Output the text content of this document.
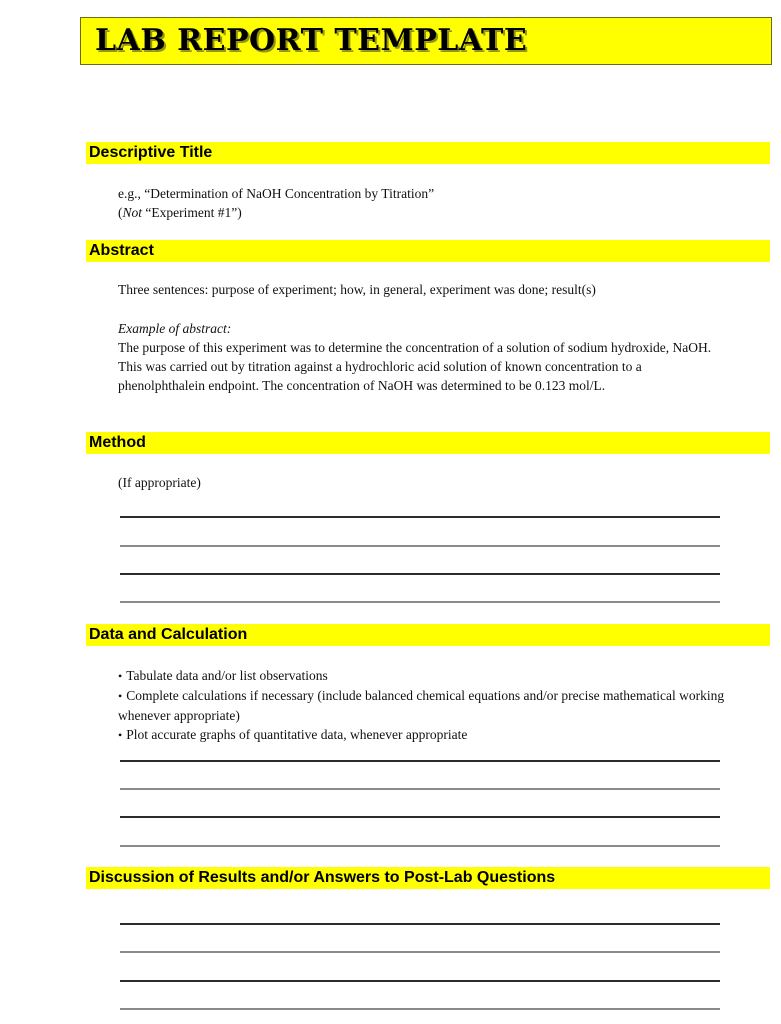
LAB REPORT TEMPLATE
Descriptive Title

e.g., “Determination of NaOH Concentration by Titration”

(Not “Experiment #1”)

Abstract

Three sentences: purpose of experiment; how, in general, experiment was done; result(s)

Example of abstract:

The purpose of this experiment was to determine the concentration of a solution of sodium hydroxide, NaOH. This was carried out by titration against a hydrochloric acid solution of known concentration to a phenolphthalein endpoint. The concentration of NaOH was determined to be 0.123 mol/L.

Method

(If appropriate)

Data and Calculation

• Tabulate data and/or list observations

• Complete calculations if necessary (include balanced chemical equations and/or precise mathematical working whenever appropriate)

• Plot accurate graphs of quantitative data, whenever appropriate

Discussion of Results and/or Answers to Post-Lab Questions
